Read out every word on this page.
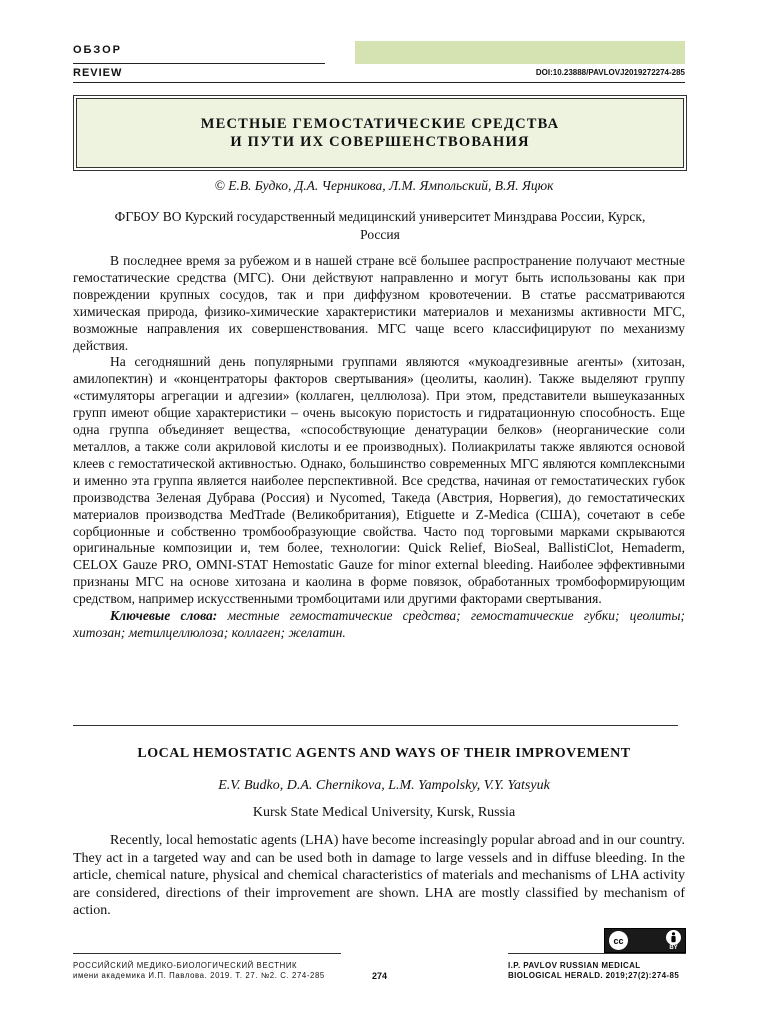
ОБЗОР
REVIEW	DOI:10.23888/PAVLOVJ2019272274-285
МЕСТНЫЕ ГЕМОСТАТИЧЕСКИЕ СРЕДСТВА
И ПУТИ ИХ СОВЕРШЕНСТВОВАНИЯ
© Е.В. Будко, Д.А. Черникова, Л.М. Ямпольский, В.Я. Яцюк
ФГБОУ ВО Курский государственный медицинский университет Минздрава России, Курск, Россия

В последнее время за рубежом и в нашей стране всё большее распространение получают местные гемостатические средства (МГС). Они действуют направленно и могут быть использованы как при повреждении крупных сосудов, так и при диффузном кровотечении. В статье рассматриваются химическая природа, физико-химические характеристики материалов и механизмы активности МГС, возможные направления их совершенствования. МГС чаще всего классифицируют по механизму действия.

На сегодняшний день популярными группами являются «мукоадгезивные агенты» (хитозан, амилопектин) и «концентраторы факторов свертывания» (цеолиты, каолин). Также выделяют группу «стимуляторы агрегации и адгезии» (коллаген, целлюлоза). При этом, представители вышеуказанных групп имеют общие характеристики – очень высокую пористость и гидратационную способность. Еще одна группа объединяет вещества, «способствующие денатурации белков» (неорганические соли металлов, а также соли акриловой кислоты и ее производных). Полиакрилаты также являются основой клеев с гемостатической активностью. Однако, большинство современных МГС являются комплексными и именно эта группа является наиболее перспективной. Все средства, начиная от гемостатических губок производства Зеленая Дубрава (Россия) и Nycomed, Такеда (Австрия, Норвегия), до гемостатических материалов производства MedTrade (Великобритания), Etiguette и Z-Medica (США), сочетают в себе сорбционные и собственно тромбообразующие свойства. Часто под торговыми марками скрываются оригинальные композиции и, тем более, технологии: Quick Relief, BioSeal, BallistiClot, Hemaderm, CELOX Gauze PRO, OMNI-STAT Hemostatic Gauze for minor external bleeding. Наиболее эффективными признаны МГС на основе хитозана и каолина в форме повязок, обработанных тромбоформирующим средством, например искусственными тромбоцитами или другими факторами свертывания.

Ключевые слова: местные гемостатические средства; гемостатические губки; цеолиты; хитозан; метилцеллюлоза; коллаген; желатин.

LOCAL HEMOSTATIC AGENTS AND WAYS OF THEIR IMPROVEMENT
E.V. Budko, D.A. Chernikova, L.M. Yampolsky, V.Y. Yatsyuk
Kursk State Medical University, Kursk, Russia

Recently, local hemostatic agents (LHA) have become increasingly popular abroad and in our country. They act in a targeted way and can be used both in damage to large vessels and in diffuse bleeding. In the article, chemical nature, physical and chemical characteristics of materials and mechanisms of LHA activity are considered, directions of their improvement are shown. LHA are mostly classified by mechanism of action.

cc
BY
РОССИЙСКИЙ МЕДИКО-БИОЛОГИЧЕСКИЙ ВЕСТНИК
имени академика И.П. Павлова. 2019. Т. 27. №2. С. 274-285	274
I.P. PAVLOV RUSSIAN MEDICAL
BIOLOGICAL HERALD. 2019;27(2):274-85
